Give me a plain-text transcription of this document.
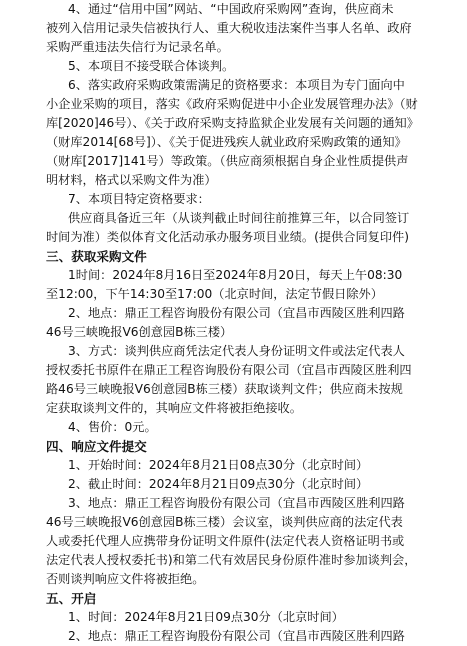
4、通过“信用中国”网站、“中国政府采购网”查询，供应商未
被列入信用记录失信被执行人、重大税收违法案件当事人名单、政府
采购严重违法失信行为记录名单。
5、本项目不接受联合体谈判。
6、落实政府采购政策需满足的资格要求：本项目为专门面向中
小企业采购的项目，落实《政府采购促进中小企业发展管理办法》（财
库[2020]46号）、《关于政府采购支持监狱企业发展有关问题的通知》
（财库2014[68号]）、《关于促进残疾人就业政府采购政策的通知》
（财库[2017]141号）等政策。（供应商须根据自身企业性质提供声
明材料，格式以采购文件为准）
7、本项目特定资格要求：
供应商具备近三年（从谈判截止时间往前推算三年，以合同签订
时间为准）类似体育文化活动承办服务项目业绩。(提供合同复印件)
三、获取采购文件
1时间：2024年8月16日至2024年8月20日，每天上午08:30
至12:00，下午14:30至17:00（北京时间，法定节假日除外）
2、地点：鼎正工程咨询股份有限公司（宜昌市西陵区胜利四路
46号三峡晚报V6创意园B栋三楼）
3、方式：谈判供应商凭法定代表人身份证明文件或法定代表人
授权委托书原件在鼎正工程咨询股份有限公司（宜昌市西陵区胜利四
路46号三峡晚报V6创意园B栋三楼）获取谈判文件；供应商未按规
定获取谈判文件的，其响应文件将被拒绝接收。
4、售价：0元。
四、响应文件提交
1、开始时间：2024年8月21日08点30分（北京时间）
2、截止时间：2024年8月21日09点30分（北京时间）
3、地点：鼎正工程咨询股份有限公司（宜昌市西陵区胜利四路
46号三峡晚报V6创意园B栋三楼）会议室，谈判供应商的法定代表
人或委托代理人应携带身份证明文件原件(法定代表人资格证明书或
法定代表人授权委托书)和第二代有效居民身份原件准时参加谈判会，
否则谈判响应文件将被拒绝。
五、开启
1、时间：2024年8月21日09点30分（北京时间）
2、地点：鼎正工程咨询股份有限公司（宜昌市西陵区胜利四路
